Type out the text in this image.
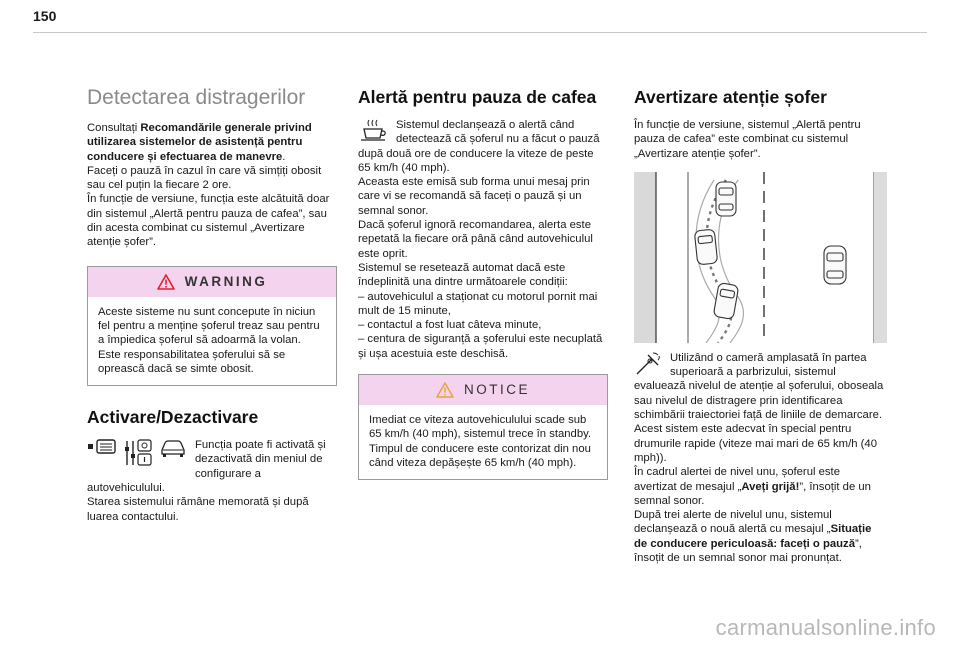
150
Detectarea distragerilor

Consultați Recomandările generale privind utilizarea sistemelor de asistență pentru conducere și efectuarea de manevre.

Faceți o pauză în cazul în care vă simțiți obosit sau cel puțin la fiecare 2 ore.

În funcție de versiune, funcția este alcătuită doar din sistemul „Alertă pentru pauza de cafea”, sau din acesta combinat cu sistemul „Avertizare atenție șofer”.

WARNING

Aceste sisteme nu sunt concepute în niciun fel pentru a menține șoferul treaz sau pentru a împiedica șoferul să adoarmă la volan.

Este responsabilitatea șoferului să se oprească dacă se simte obosit.

Activare/Dezactivare

Funcția poate fi activată și dezactivată din meniul de configurare a autovehiculului.

Starea sistemului rămâne memorată și după luarea contactului.

Alertă pentru pauza de cafea

Sistemul declanșează o alertă când detectează că șoferul nu a făcut o pauză după două ore de conducere la viteze de peste 65 km/h (40 mph).

Aceasta este emisă sub forma unui mesaj prin care vi se recomandă să faceți o pauză și un semnal sonor.

Dacă șoferul ignoră recomandarea, alerta este repetată la fiecare oră până când autovehiculul este oprit.

Sistemul se resetează automat dacă este îndeplinită una dintre următoarele condiții:

– autovehiculul a staționat cu motorul pornit mai mult de 15 minute,

– contactul a fost luat câteva minute,

– centura de siguranță a șoferului este necuplată și ușa acestuia este deschisă.

NOTICE

Imediat ce viteza autovehiculului scade sub 65 km/h (40 mph), sistemul trece în standby. Timpul de conducere este contorizat din nou când viteza depășește 65 km/h (40 mph).

Avertizare atenție șofer

În funcție de versiune, sistemul „Alertă pentru pauza de cafea” este combinat cu sistemul „Avertizare atenție șofer”.

Utilizând o cameră amplasată în partea superioară a parbrizului, sistemul evaluează nivelul de atenție al șoferului, oboseala sau nivelul de distragere prin identificarea schimbării traiectoriei față de liniile de demarcare.

Acest sistem este adecvat în special pentru drumurile rapide (viteze mai mari de 65 km/h (40 mph)).

În cadrul alertei de nivel unu, șoferul este avertizat de mesajul „Aveți grijă!”, însoțit de un semnal sonor.

După trei alerte de nivelul unu, sistemul declanșează o nouă alertă cu mesajul „Situație de conducere periculoasă: faceți o pauză”, însoțit de un semnal sonor mai pronunțat.

carmanualsonline.info
